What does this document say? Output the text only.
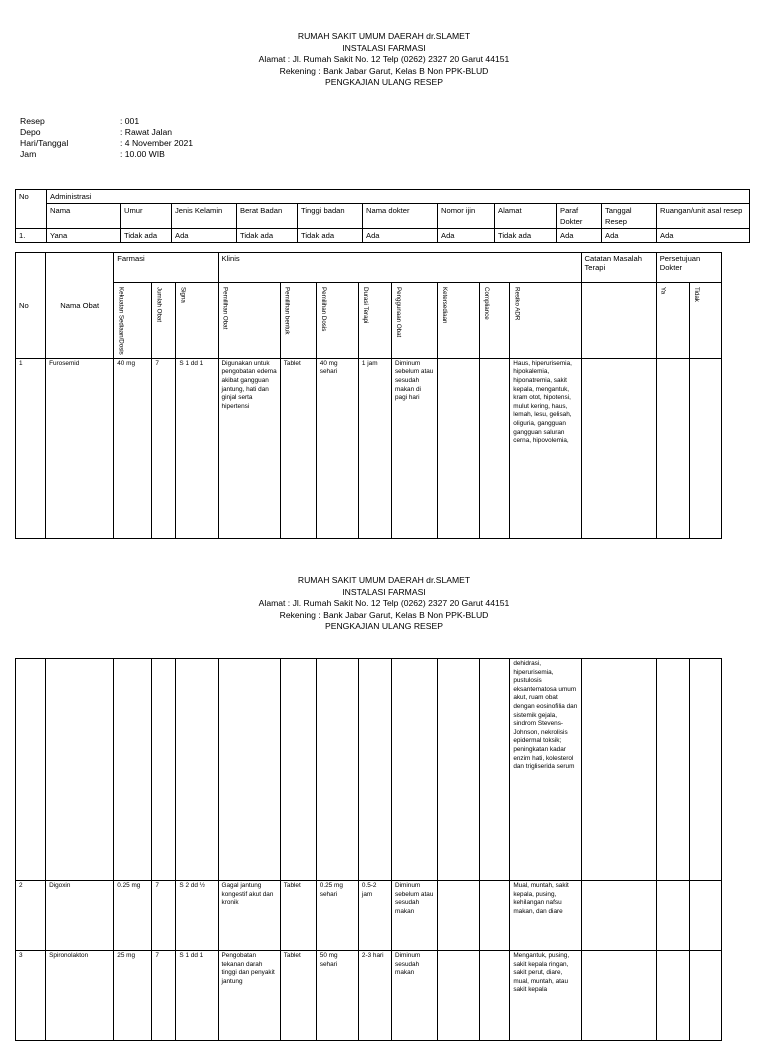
RUMAH SAKIT UMUM DAERAH dr.SLAMET
INSTALASI FARMASI
Alamat : Jl. Rumah Sakit No. 12 Telp (0262) 2327 20 Garut 44151
Rekening : Bank Jabar Garut, Kelas B Non PPK-BLUD
PENGKAJIAN ULANG RESEP
Resep	: 001
Depo	: Rawat Jalan
Hari/Tanggal	: 4 November 2021
Jam	: 10.00 WIB
No	Administrasi										
	Nama	Umur	Jenis Kelamin	Berat Badan	Tinggi badan	Nama dokter	Nomor ijin	Alamat	Paraf Dokter	Tanggal Resep	Ruangan/unit asal resep
1.	Yana	Tidak ada	Ada	Tidak ada	Tidak ada	Ada	Ada	Tidak ada	Ada	Ada	Ada
No	Nama Obat	Farmasi			Klinis								Catatan Masalah Terapi	Persetujuan Dokter	
		Kekuatan Sediaan/Dosis	Jumlah Obat	Signa	Pemilihan Obat	Pemilihan bentuk	Pemilihan Dosis	Durasi Terapi	Penggunaan Obat	Ketersediaan	Compliance	Resiko ADR		Ya	Tidak
1	Furosemid	40 mg	7	S 1 dd 1	Digunakan untuk pengobatan edema akibat gangguan jantung, hati dan ginjal serta hipertensi	Tablet	40 mg sehari	1 jam	Diminum sebelum atau sesudah makan di pagi hari			Haus, hiperurisemia, hipokalemia, hiponatremia, sakit kepala, mengantuk, kram otot, hipotensi, mulut kering, haus, lemah, lesu, gelisah, oliguria, gangguan gangguan saluran cerna, hipovolemia,			
RUMAH SAKIT UMUM DAERAH dr.SLAMET
INSTALASI FARMASI
Alamat : Jl. Rumah Sakit No. 12 Telp (0262) 2327 20 Garut 44151
Rekening : Bank Jabar Garut, Kelas B Non PPK-BLUD
PENGKAJIAN ULANG RESEP
												dehidrasi, hiperurisemia, pustulosis eksantematosa umum akut, ruam obat dengan eosinofilia dan sistemik gejala, sindrom Stevens-Johnson, nekrolisis epidermal toksik; peningkatan kadar enzim hati, kolesterol dan trigliserida serum			
2	Digoxin	0.25 mg	7	S 2 dd ½	Gagal jantung kongestif akut dan kronik	Tablet	0.25 mg sehari	0.5-2 jam	Diminum sebelum atau sesudah makan			Mual, muntah, sakit kepala, pusing, kehilangan nafsu makan, dan diare			
3	Spironolakton	25 mg	7	S 1 dd 1	Pengobatan tekanan darah tinggi dan penyakit jantung	Tablet	50 mg sehari	2-3 hari	Diminum sesudah makan			Mengantuk, pusing, sakit kepala ringan, sakit perut, diare, mual, muntah, atau sakit kepala			
